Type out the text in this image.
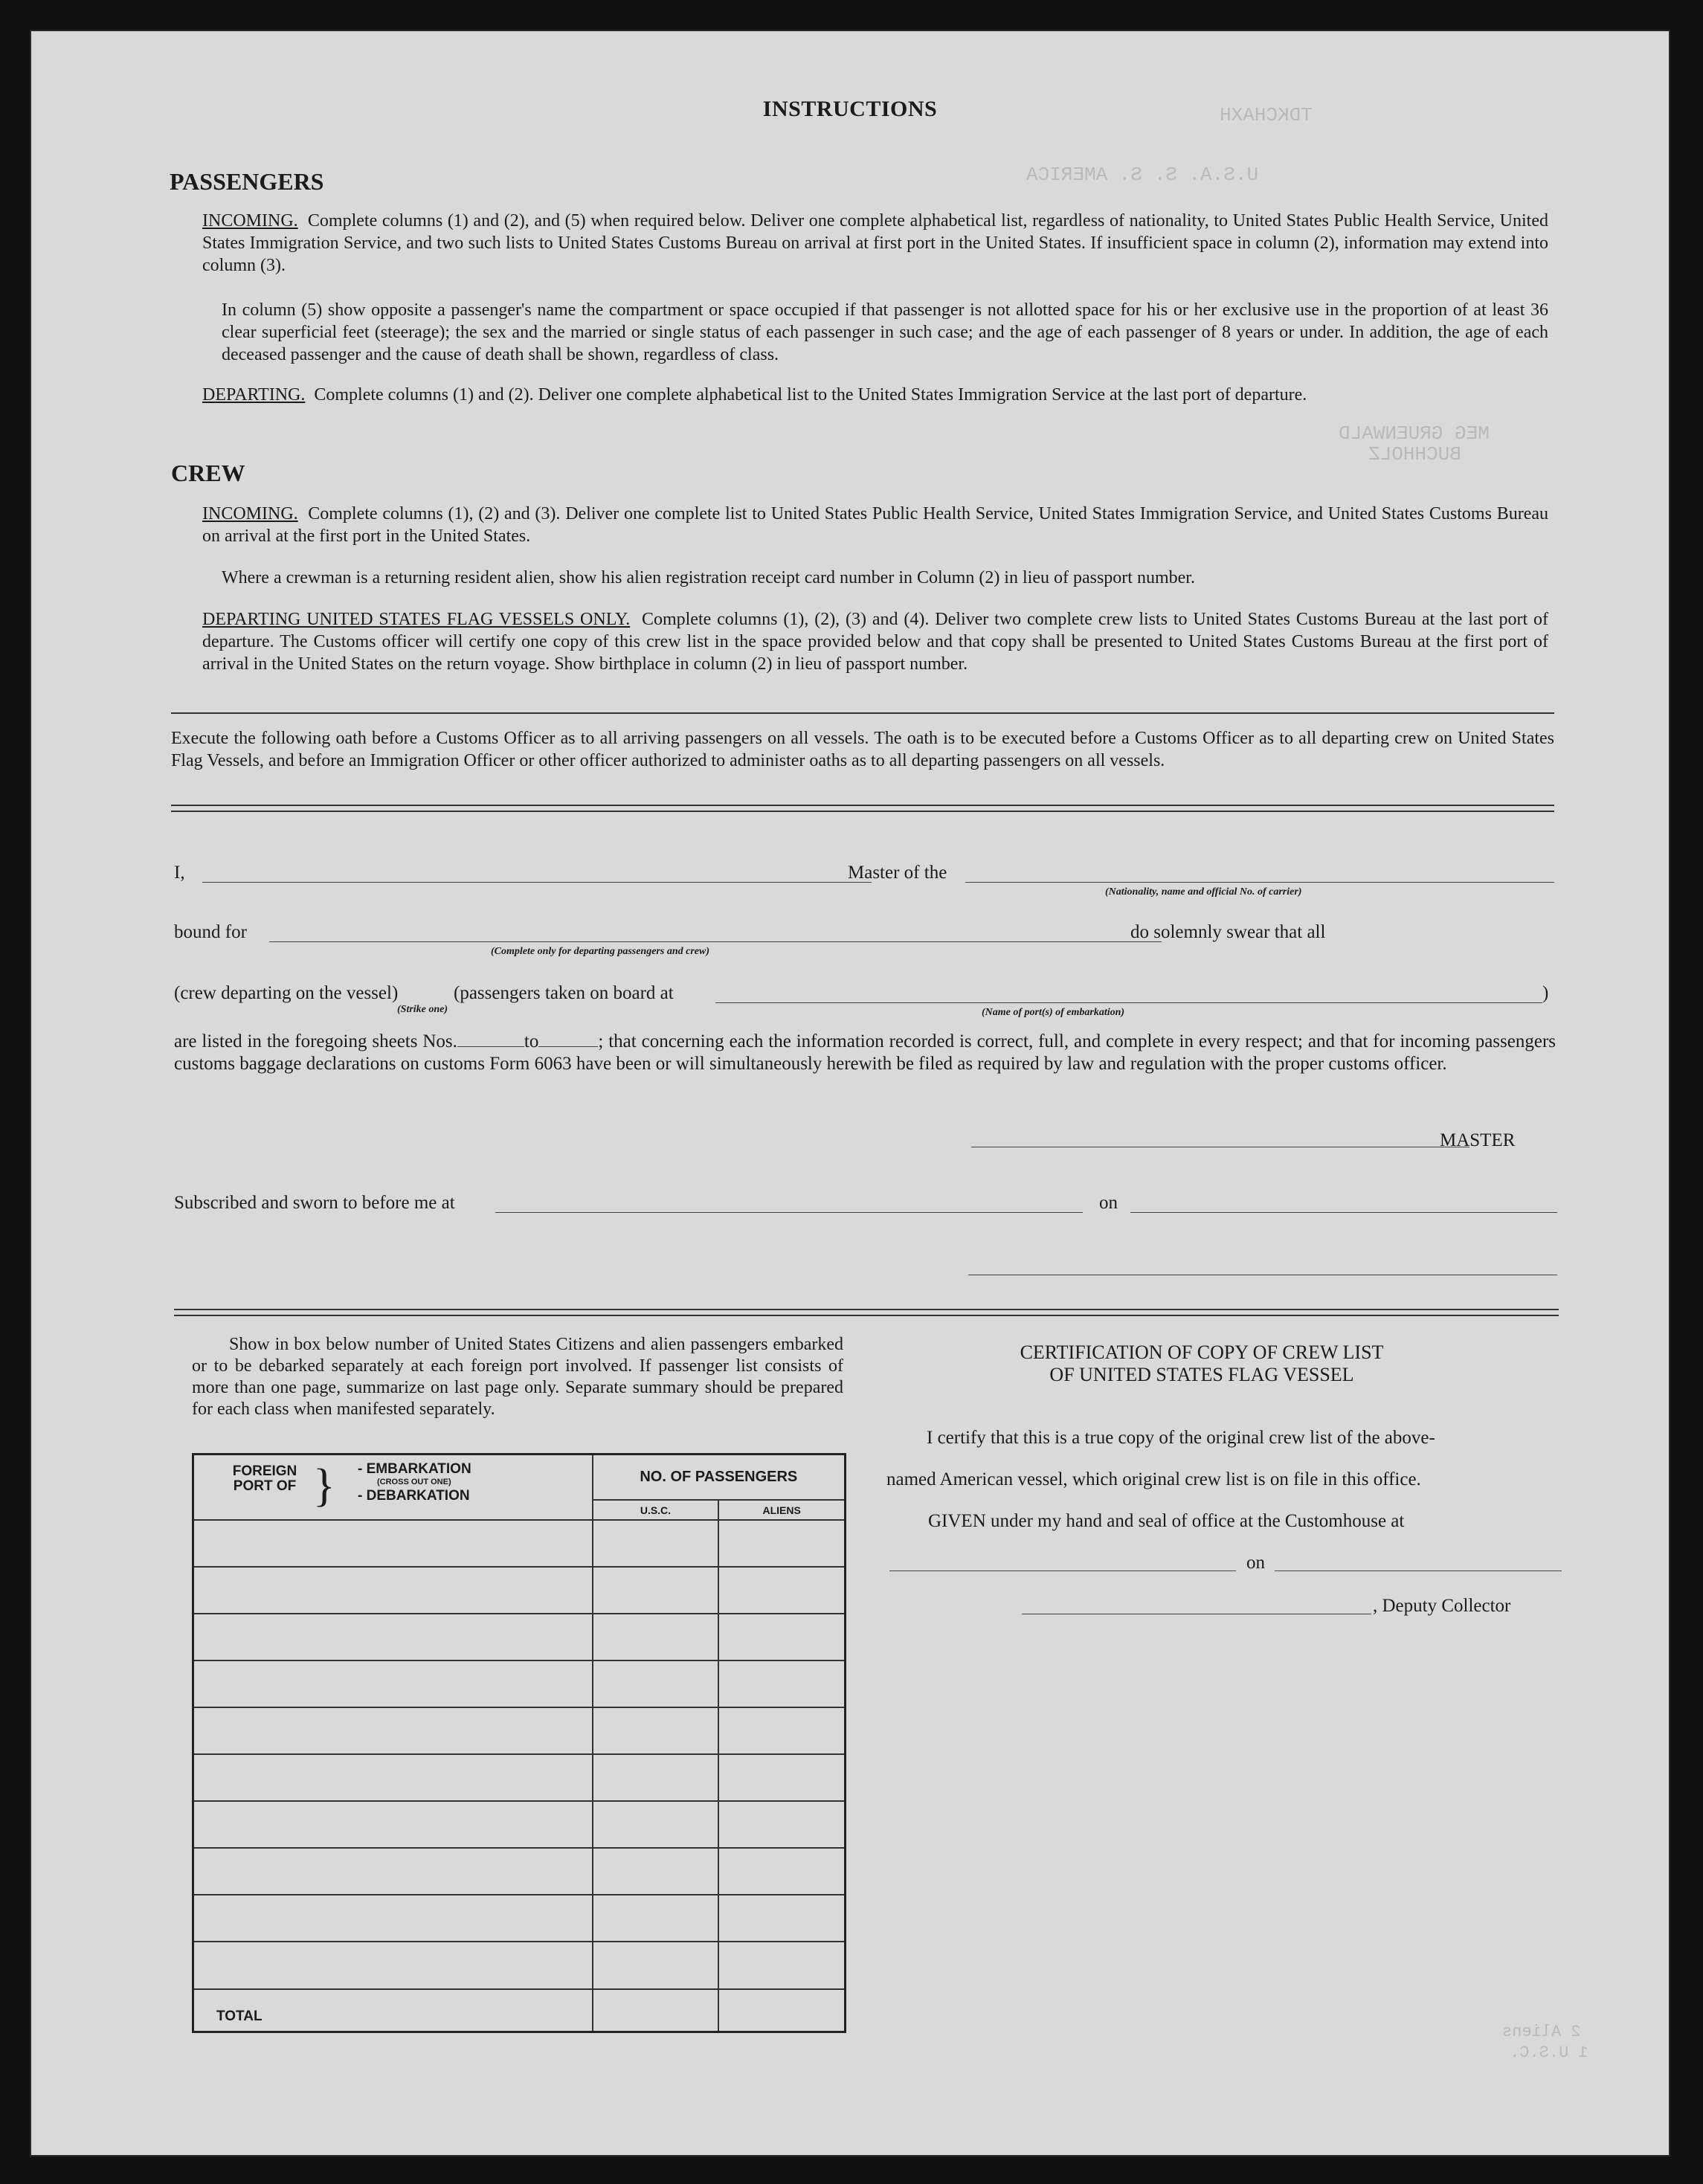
TDKCHAXH
U.S.A. S. S. AMERICA
MEG GRUENWALD
BUCHHOLZ
2 Aliens
1 U.S.C.
INSTRUCTIONS
PASSENGERS
INCOMING. Complete columns (1) and (2), and (5) when required below. Deliver one complete alphabetical list, regardless of nationality, to United States Public Health Service, United States Immigration Service, and two such lists to United States Customs Bureau on arrival at first port in the United States. If insufficient space in column (2), information may extend into column (3).
In column (5) show opposite a passenger's name the compartment or space occupied if that passenger is not allotted space for his or her exclusive use in the proportion of at least 36 clear superficial feet (steerage); the sex and the married or single status of each passenger in such case; and the age of each passenger of 8 years or under. In addition, the age of each deceased passenger and the cause of death shall be shown, regardless of class.
DEPARTING. Complete columns (1) and (2). Deliver one complete alphabetical list to the United States Immigration Service at the last port of departure.
CREW
INCOMING. Complete columns (1), (2) and (3). Deliver one complete list to United States Public Health Service, United States Immigration Service, and United States Customs Bureau on arrival at the first port in the United States.
Where a crewman is a returning resident alien, show his alien registration receipt card number in Column (2) in lieu of passport number.
DEPARTING UNITED STATES FLAG VESSELS ONLY. Complete columns (1), (2), (3) and (4). Deliver two complete crew lists to United States Customs Bureau at the last port of departure. The Customs officer will certify one copy of this crew list in the space provided below and that copy shall be presented to United States Customs Bureau at the first port of arrival in the United States on the return voyage. Show birthplace in column (2) in lieu of passport number.
Execute the following oath before a Customs Officer as to all arriving passengers on all vessels. The oath is to be executed before a Customs Officer as to all departing crew on United States Flag Vessels, and before an Immigration Officer or other officer authorized to administer oaths as to all departing passengers on all vessels.
I,	Master of the
(Nationality, name and official No. of carrier)
bound for
(Complete only for departing passengers and crew)
do solemnly swear that all
(crew departing on the vessel)
(Strike one)
(passengers taken on board at
(Name of port(s) of embarkation)
)
are listed in the foregoing sheets Nos.	to	; that concerning each the information recorded is correct, full, and complete in every respect; and that for incoming passengers customs baggage declarations on customs Form 6063 have been or will simultaneously herewith be filed as required by law and regulation with the proper customs officer.
MASTER
Subscribed and sworn to before me at	on
Show in box below number of United States Citizens and alien passengers embarked or to be debarked separately at each foreign port involved. If passenger list consists of more than one page, summarize on last page only. Separate summary should be prepared for each class when manifested separately.
FOREIGN PORT OF } - EMBARKATION
(CROSS OUT ONE)
- DEBARKATION	NO. OF PASSENGERS	
	U.S.C.	ALIENS

TOTAL		
CERTIFICATION OF COPY OF CREW LIST
OF UNITED STATES FLAG VESSEL
I certify that this is a true copy of the original crew list of the above-
named American vessel, which original crew list is on file in this office.
GIVEN under my hand and seal of office at the Customhouse at
on
, Deputy Collector
